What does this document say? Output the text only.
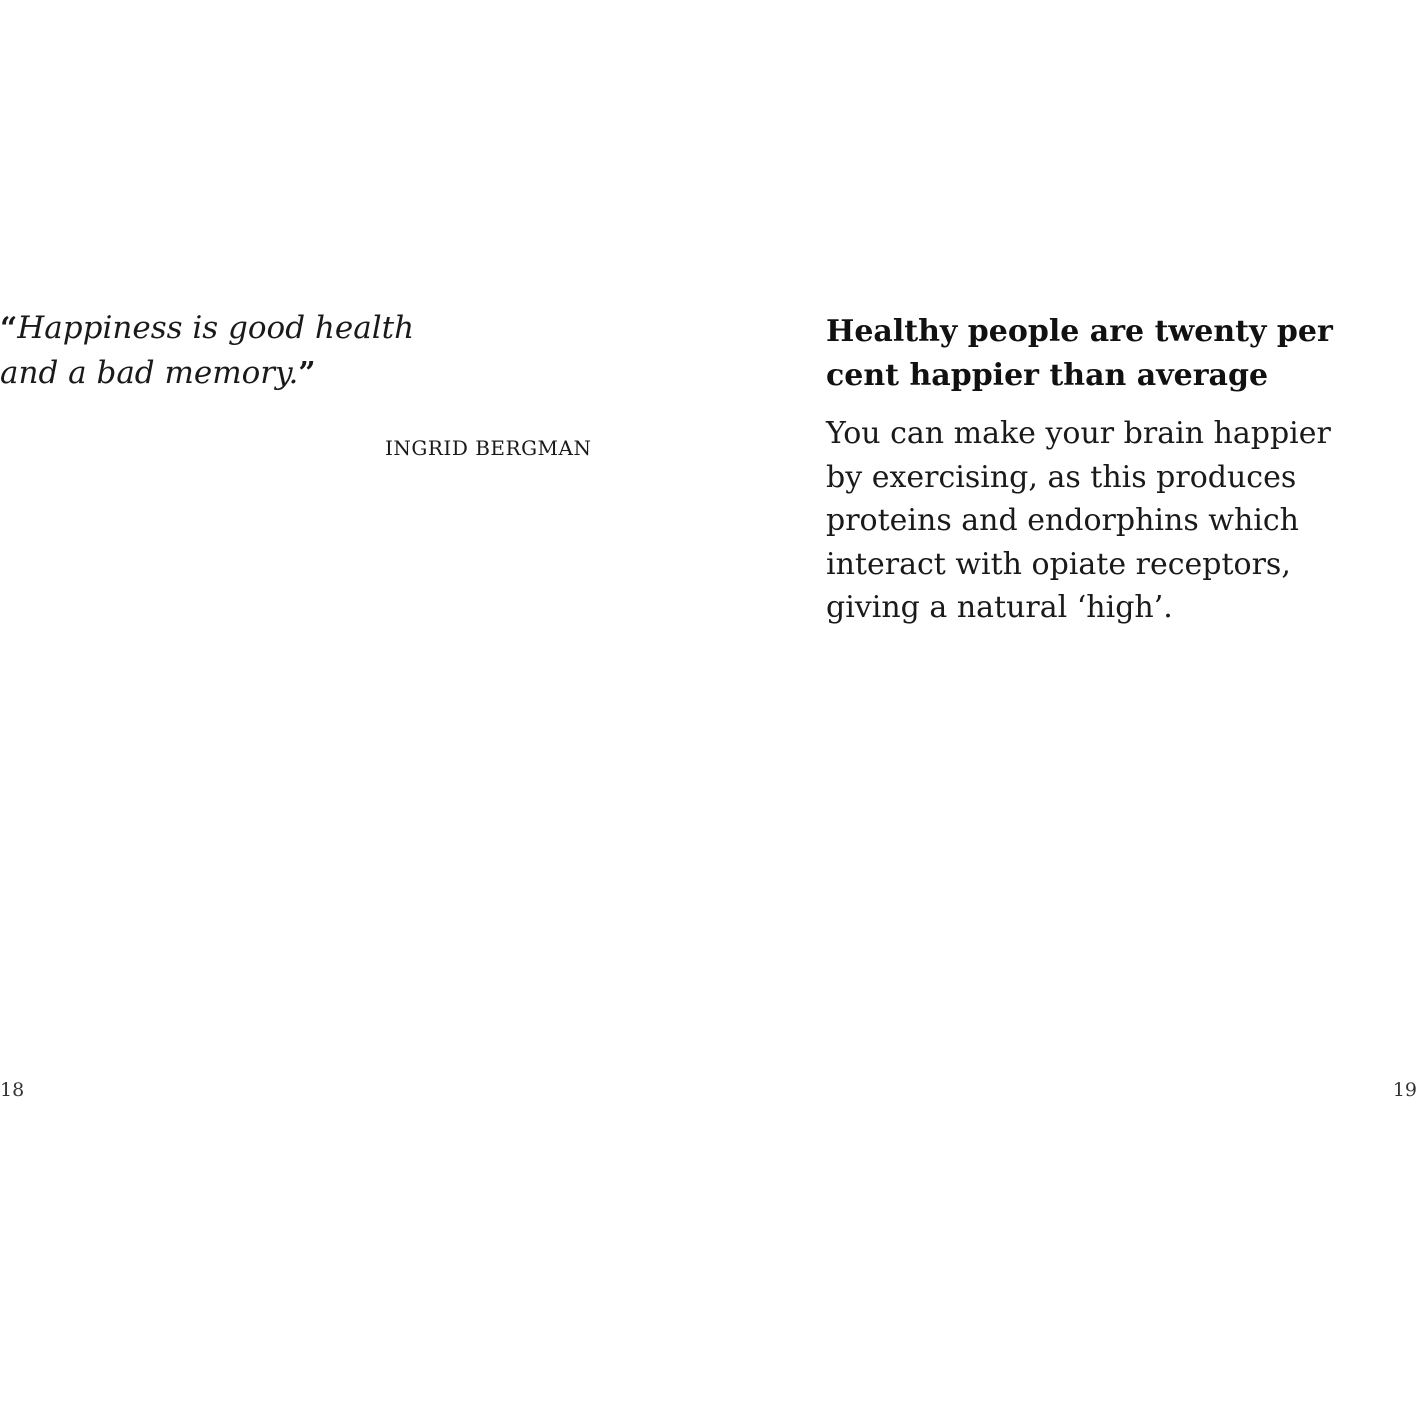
“Happiness is good health
and a bad memory.”

INGRID BERGMAN

18

Healthy people are twenty per
cent happier than average

You can make your brain happier
by exercising, as this produces
proteins and endorphins which
interact with opiate receptors,
giving a natural ‘high’.

19
